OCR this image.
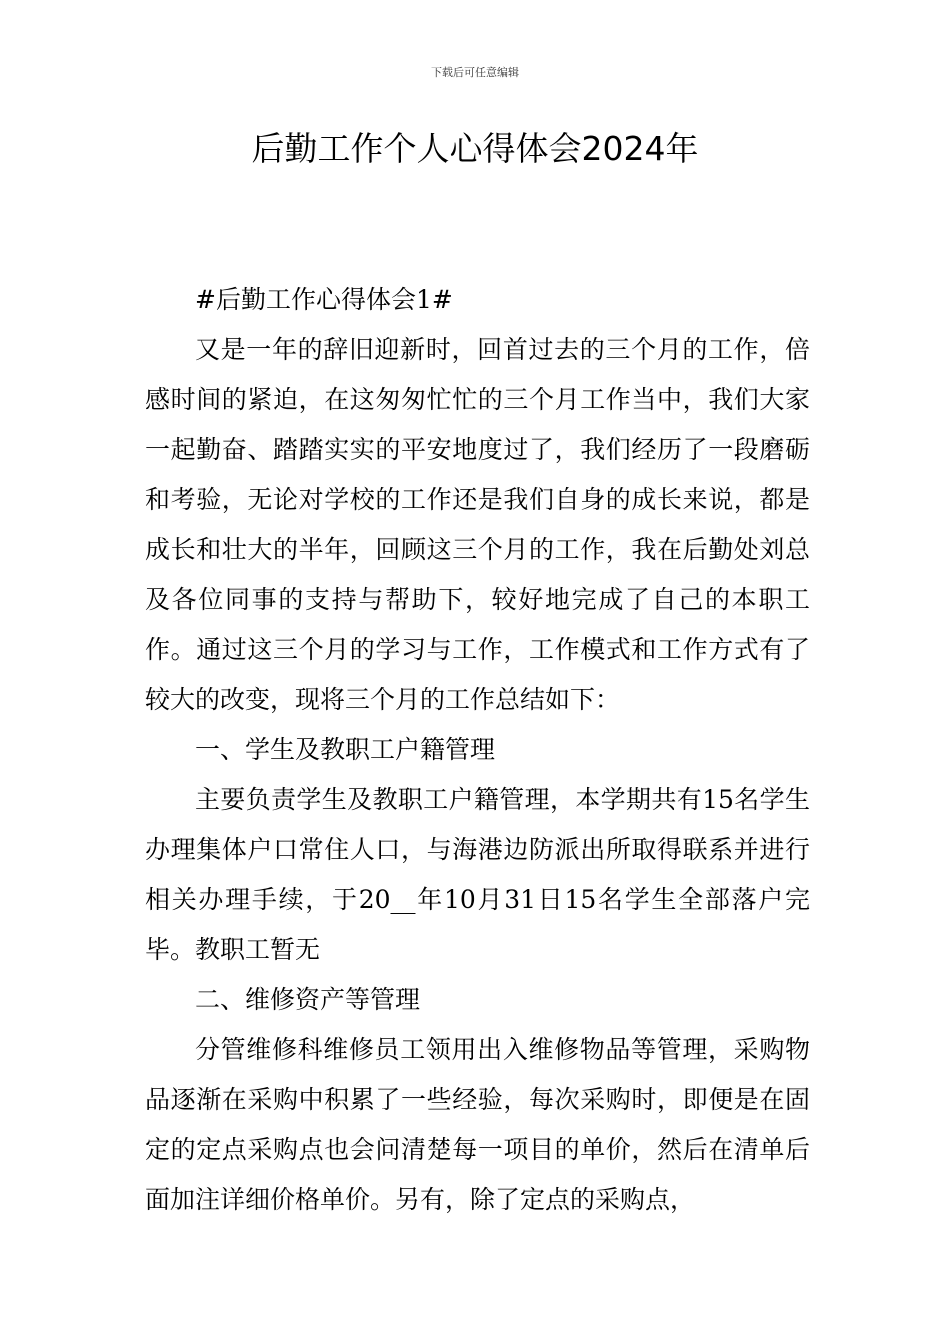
下载后可任意编辑
后勤工作个人心得体会2024年

#后勤工作心得体会1#

又是一年的辞旧迎新时，回首过去的三个月的工作，倍感时间的紧迫，在这匆匆忙忙的三个月工作当中，我们大家一起勤奋、踏踏实实的平安地度过了，我们经历了一段磨砺和考验，无论对学校的工作还是我们自身的成长来说，都是成长和壮大的半年，回顾这三个月的工作，我在后勤处刘总及各位同事的支持与帮助下，较好地完成了自己的本职工作。通过这三个月的学习与工作，工作模式和工作方式有了较大的改变，现将三个月的工作总结如下：

一、学生及教职工户籍管理

主要负责学生及教职工户籍管理，本学期共有15名学生办理集体户口常住人口，与海港边防派出所取得联系并进行相关办理手续，于20__年10月31日15名学生全部落户完毕。教职工暂无

二、维修资产等管理

分管维修科维修员工领用出入维修物品等管理，采购物品逐渐在采购中积累了一些经验，每次采购时，即便是在固定的定点采购点也会问清楚每一项目的单价，然后在清单后面加注详细价格单价。另有，除了定点的采购点，
